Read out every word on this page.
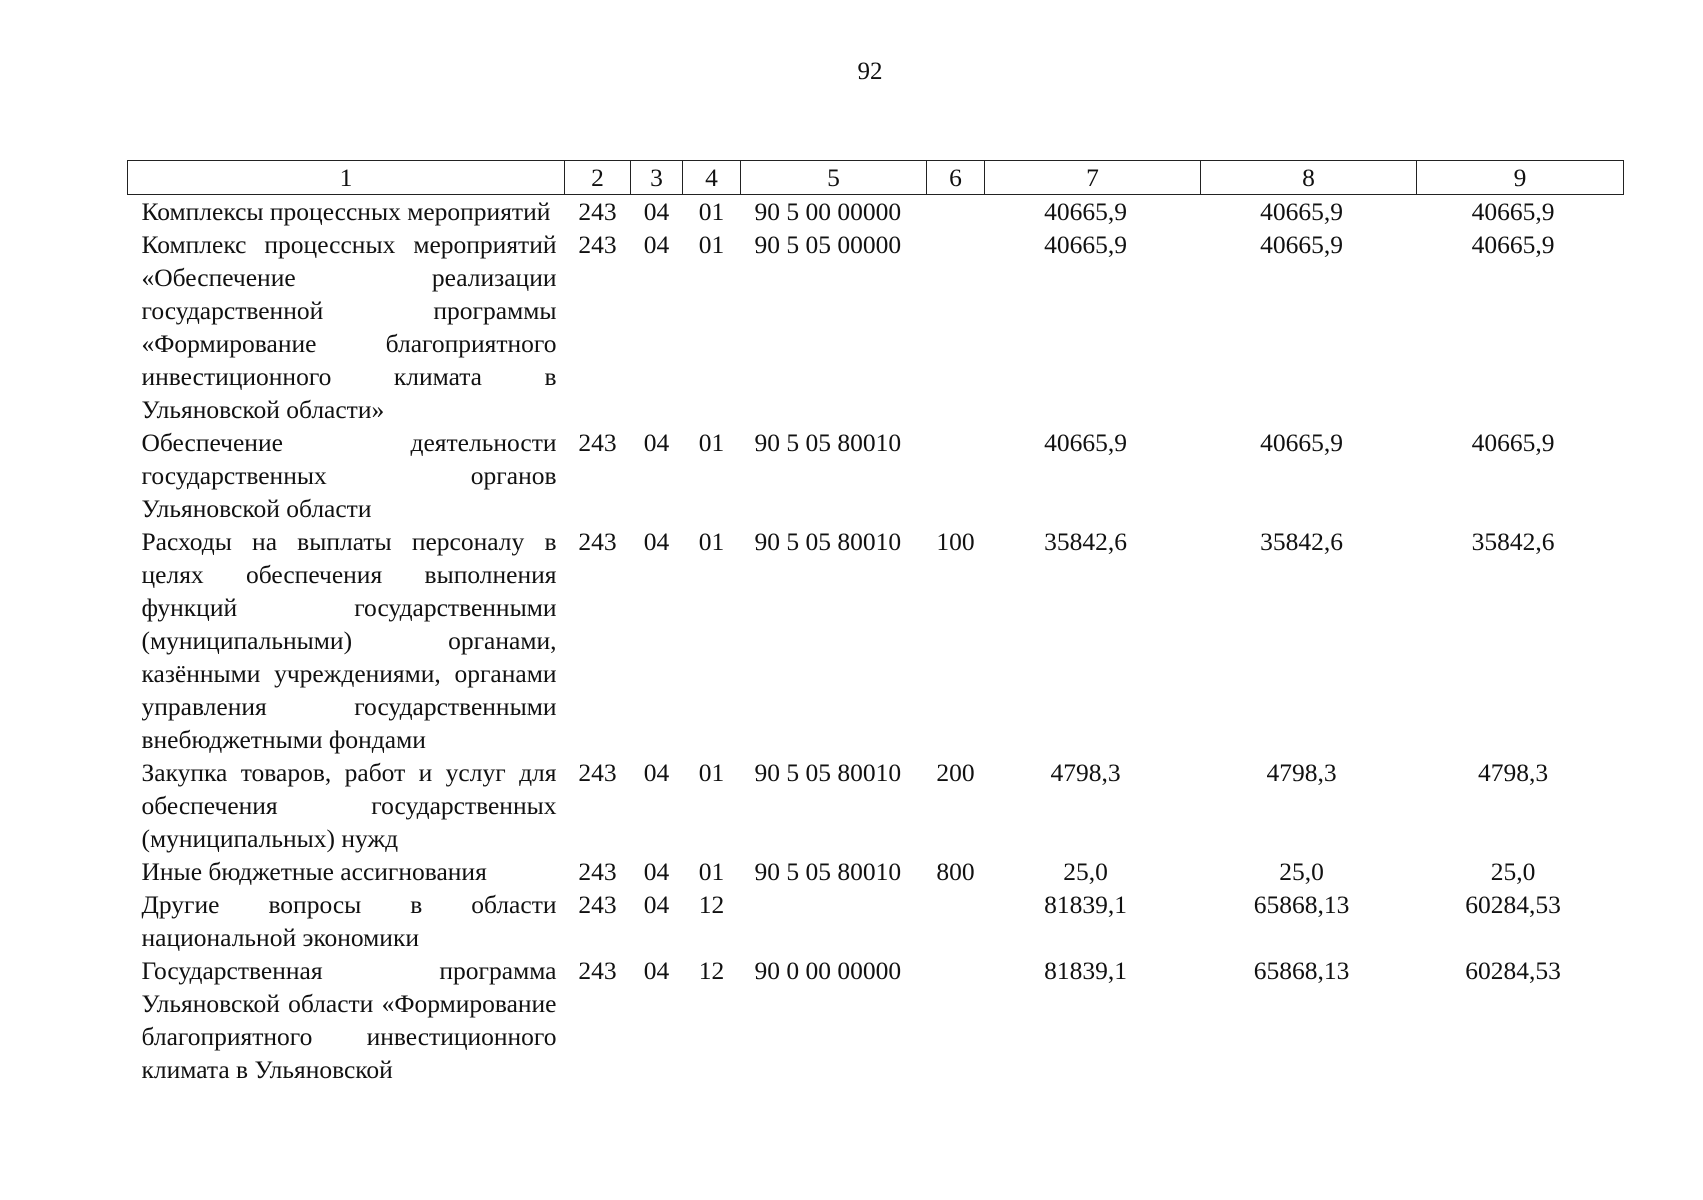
92
1	2	3	4	5	6	7	8	9
Комплексы процессных мероприятий	243	04	01	90 5 00 00000		40665,9	40665,9	40665,9
Комплекс процессных мероприятий «Обеспечение реализации государственной программы «Формирование благоприятного инвестиционного климата в Ульяновской области»	243	04	01	90 5 05 00000		40665,9	40665,9	40665,9
Обеспечение деятельности государственных органов Ульяновской области	243	04	01	90 5 05 80010		40665,9	40665,9	40665,9
Расходы на выплаты персоналу в целях обеспечения выполнения функций государственными (муниципальными) органами, казёнными учреждениями, органами управления государственными внебюджетными фондами	243	04	01	90 5 05 80010	100	35842,6	35842,6	35842,6
Закупка товаров, работ и услуг для обеспечения государственных (муниципальных) нужд	243	04	01	90 5 05 80010	200	4798,3	4798,3	4798,3
Иные бюджетные ассигнования	243	04	01	90 5 05 80010	800	25,0	25,0	25,0
Другие вопросы в области национальной экономики	243	04	12			81839,1	65868,13	60284,53
Государственная программа Ульяновской области «Формирование благоприятного инвестиционного климата в Ульяновской	243	04	12	90 0 00 00000		81839,1	65868,13	60284,53
